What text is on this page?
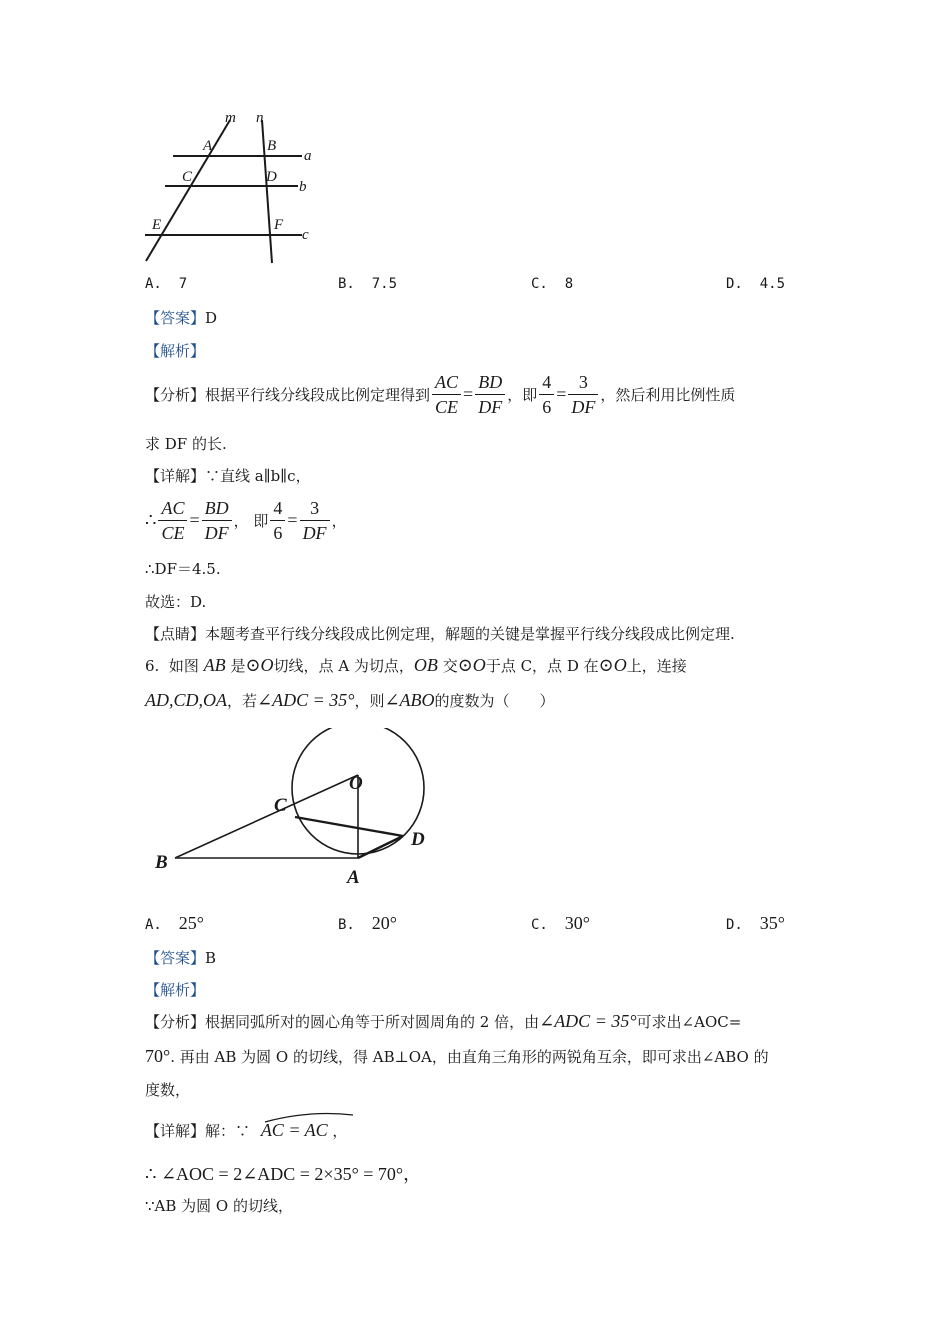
m n
A	B
a
C	D
b
E	F
c
A. 7	B. 7.5	C. 8	D. 4.5
【答案】D
【解析】
【分析】 根据平行线分线段成比例定理得到 $\frac{AC}{CE} = \frac{BD}{DF}$ ，即 $\frac{4}{6} = \frac{3}{DF}$ ，然后利用比例性质
求 DF 的长.
【详解】∵直线 a∥b∥c，
∴ $\frac{AC}{CE} = \frac{BD}{DF}$ ， 即 $\frac{4}{6} = \frac{3}{DF}$ ，
∴DF＝4.5.
故选：D.
【点睛】本题考查平行线分线段成比例定理，解题的关键是掌握平行线分线段成比例定理.
6. 如图 AB 是⊙O切线，点 A 为切点，OB 交⊙O于点 C，点 D 在⊙O上，连接
AD,CD,OA，若∠ADC = 35°，则∠ABO的度数为（　　）
O
C
D
B
A
A. 25°	B. 20°	C. 30°	D. 35°
【答案】B
【解析】
【分析】根据同弧所对的圆心角等于所对圆周角的 2 倍，由∠ADC = 35°可求出∠AOC=
70°. 再由 AB 为圆 O 的切线，得 AB⊥OA，由直角三角形的两锐角互余，即可求出∠ABO 的
度数，
【详解】解：∵ AC = AC ，
∴ ∠AOC = 2∠ADC = 2×35° = 70°，
∵AB 为圆 O 的切线，
